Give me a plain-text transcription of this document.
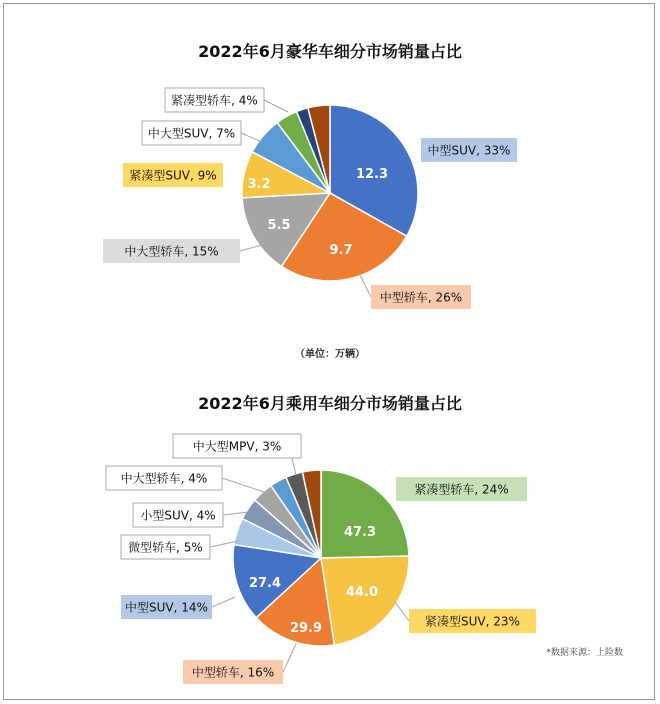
2022年6月豪华车细分市场销量占比
12.3
9.7
5.5
3.2
中型SUV, 33%
中型轿车, 26%
中大型轿车, 15%
紧凑型SUV, 9%
中大型SUV, 7%
紧凑型轿车, 4%
（单位：万辆）
2022年6月乘用车细分市场销量占比
47.3
44.0
29.9
27.4
紧凑型轿车, 24%
紧凑型SUV, 23%
中型轿车, 16%
中型SUV, 14%
微型轿车, 5%
小型SUV, 4%
中大型轿车, 4%
中大型MPV, 3%
*数据来源：上险数
